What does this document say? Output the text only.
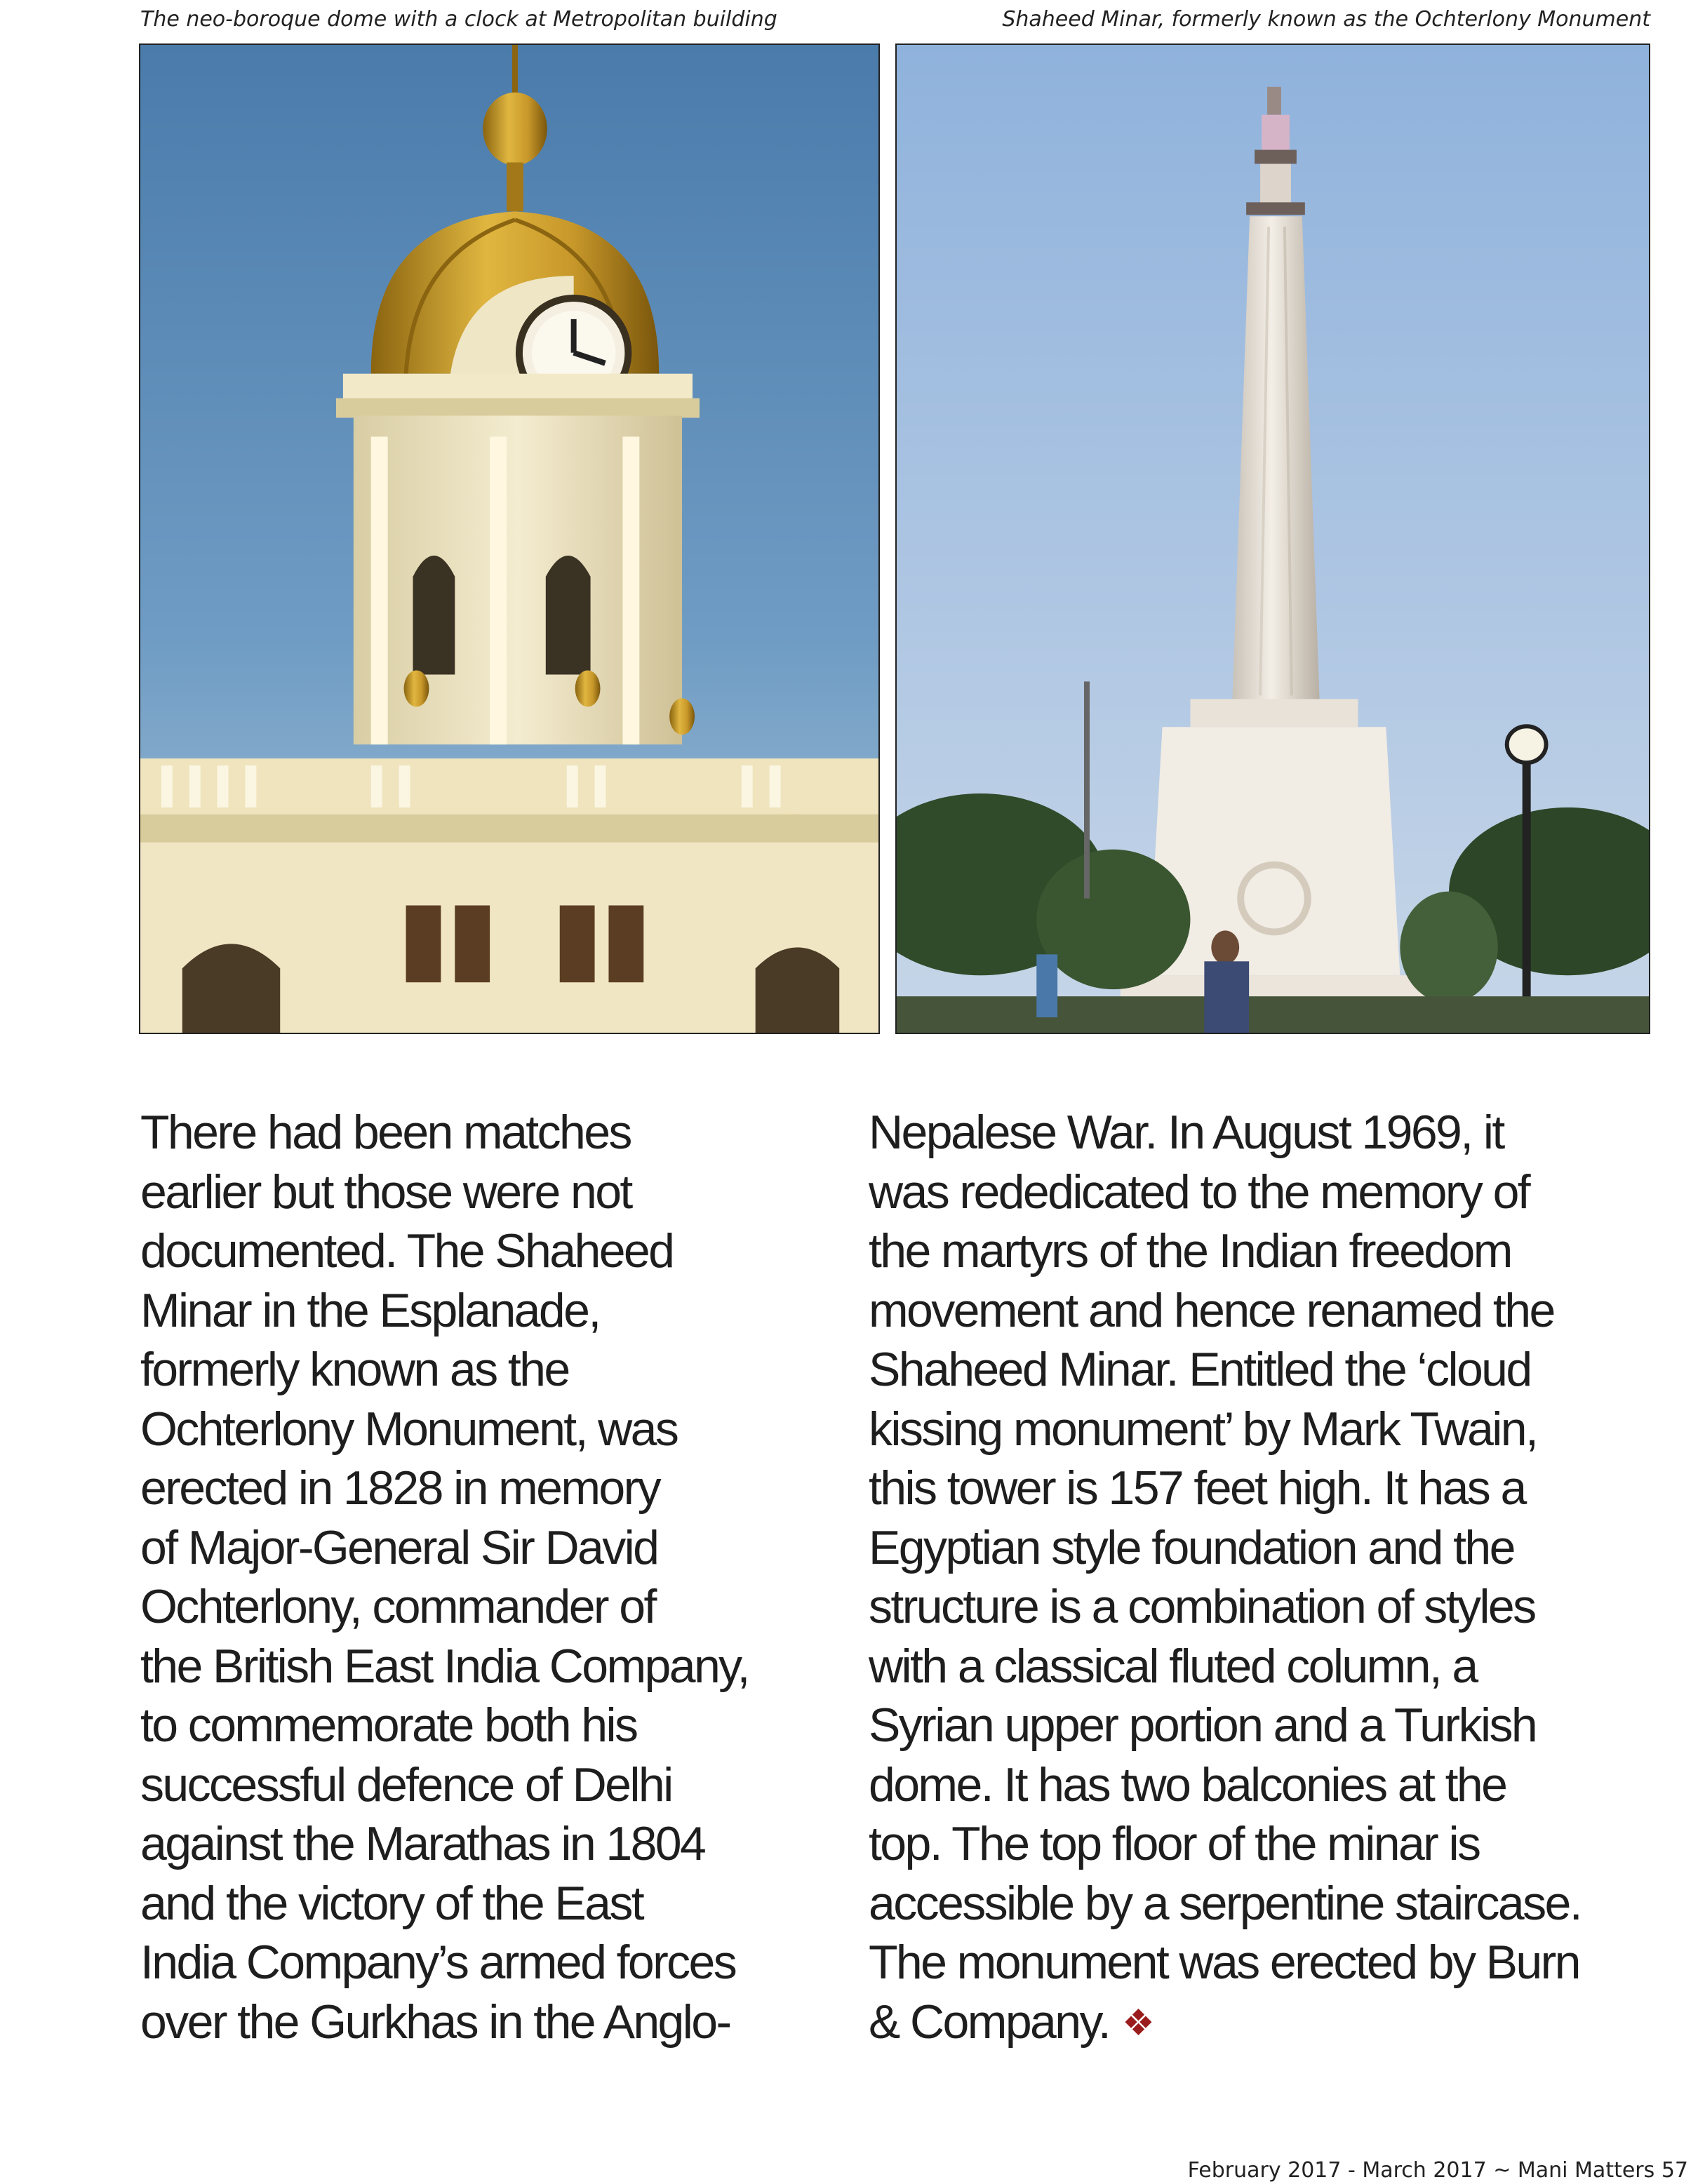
The neo-boroque dome with a clock at Metropolitan building	Shaheed Minar, formerly known as the Ochterlony Monument
There had been matches
earlier but those were not
documented. The Shaheed
Minar in the Esplanade,
formerly known as the
Ochterlony Monument, was
erected in 1828 in memory
of Major-General Sir David
Ochterlony, commander of
the British East India Company,
to commemorate both his
successful defence of Delhi
against the Marathas in 1804
and the victory of the East
India Company’s armed forces
over the Gurkhas in the Anglo-
Nepalese War. In August 1969, it
was rededicated to the memory of
the martyrs of the Indian freedom
movement and hence renamed the
Shaheed Minar. Entitled the ‘cloud
kissing monument’ by Mark Twain,
this tower is 157 feet high. It has a
Egyptian style foundation and the
structure is a combination of styles
with a classical fluted column, a
Syrian upper portion and a Turkish
dome. It has two balconies at the
top. The top floor of the minar is
accessible by a serpentine staircase.
The monument was erected by Burn
& Company. ❖
February 2017 - March 2017 ~ Mani Matters 57
